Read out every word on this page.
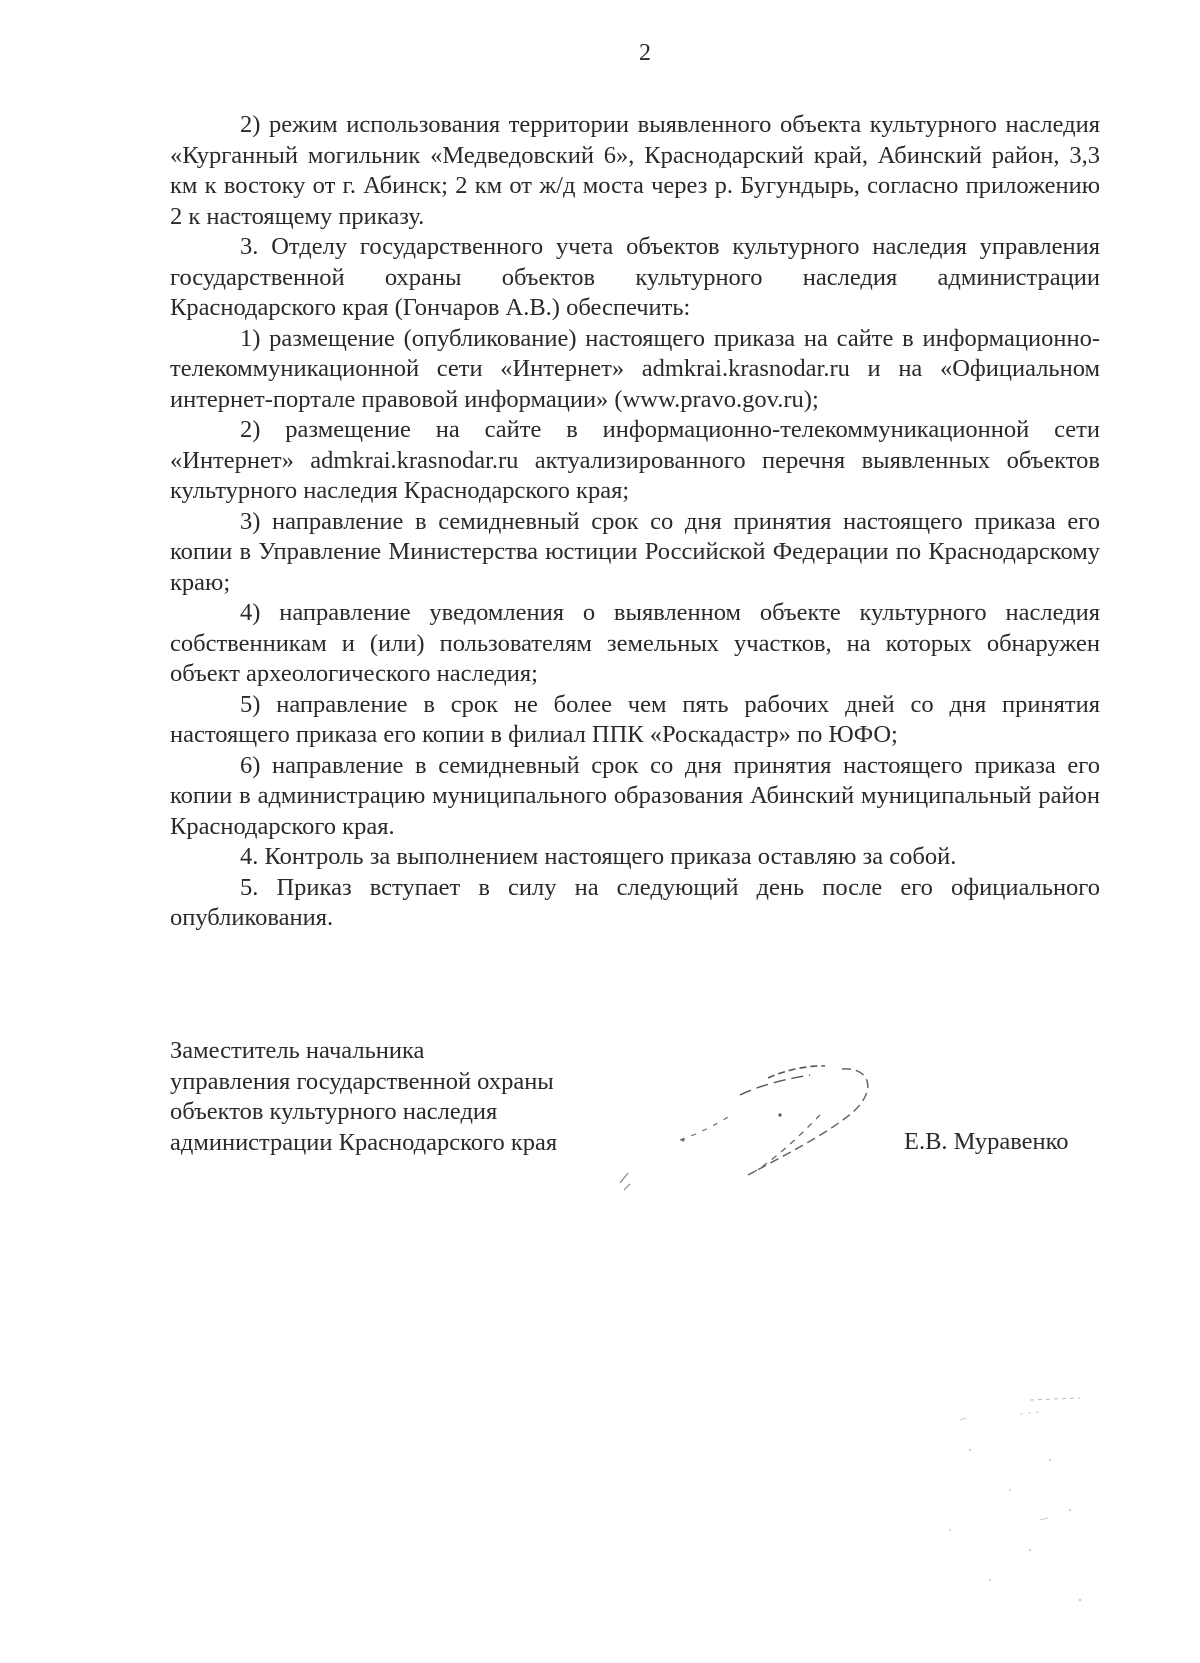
2

2) режим использования территории выявленного объекта культурного наследия «Курганный могильник «Медведовский 6», Краснодарский край, Абинский район, 3,3 км к востоку от г. Абинск; 2 км от ж/д моста через р. Бугундырь, согласно приложению 2 к настоящему приказу.

3. Отделу государственного учета объектов культурного наследия управления государственной охраны объектов культурного наследия администрации Краснодарского края (Гончаров А.В.) обеспечить:

1) размещение (опубликование) настоящего приказа на сайте в информационно-телекоммуникационной сети «Интернет» admkrai.krasnodar.ru и на «Официальном интернет-портале правовой информации» (www.pravo.gov.ru);

2) размещение на сайте в информационно-телекоммуникационной сети «Интернет» admkrai.krasnodar.ru актуализированного перечня выявленных объектов культурного наследия Краснодарского края;

3) направление в семидневный срок со дня принятия настоящего приказа его копии в Управление Министерства юстиции Российской Федерации по Краснодарскому краю;

4) направление уведомления о выявленном объекте культурного наследия собственникам и (или) пользователям земельных участков, на которых обнаружен объект археологического наследия;

5) направление в срок не более чем пять рабочих дней со дня принятия настоящего приказа его копии в филиал ППК «Роскадастр» по ЮФО;

6) направление в семидневный срок со дня принятия настоящего приказа его копии в администрацию муниципального образования Абинский муниципальный район Краснодарского края.

4. Контроль за выполнением настоящего приказа оставляю за собой.

5. Приказ вступает в силу на следующий день после его официального опубликования.

Заместитель начальника
управления государственной охраны
объектов культурного наследия
администрации Краснодарского края	Е.В. Муравенко
